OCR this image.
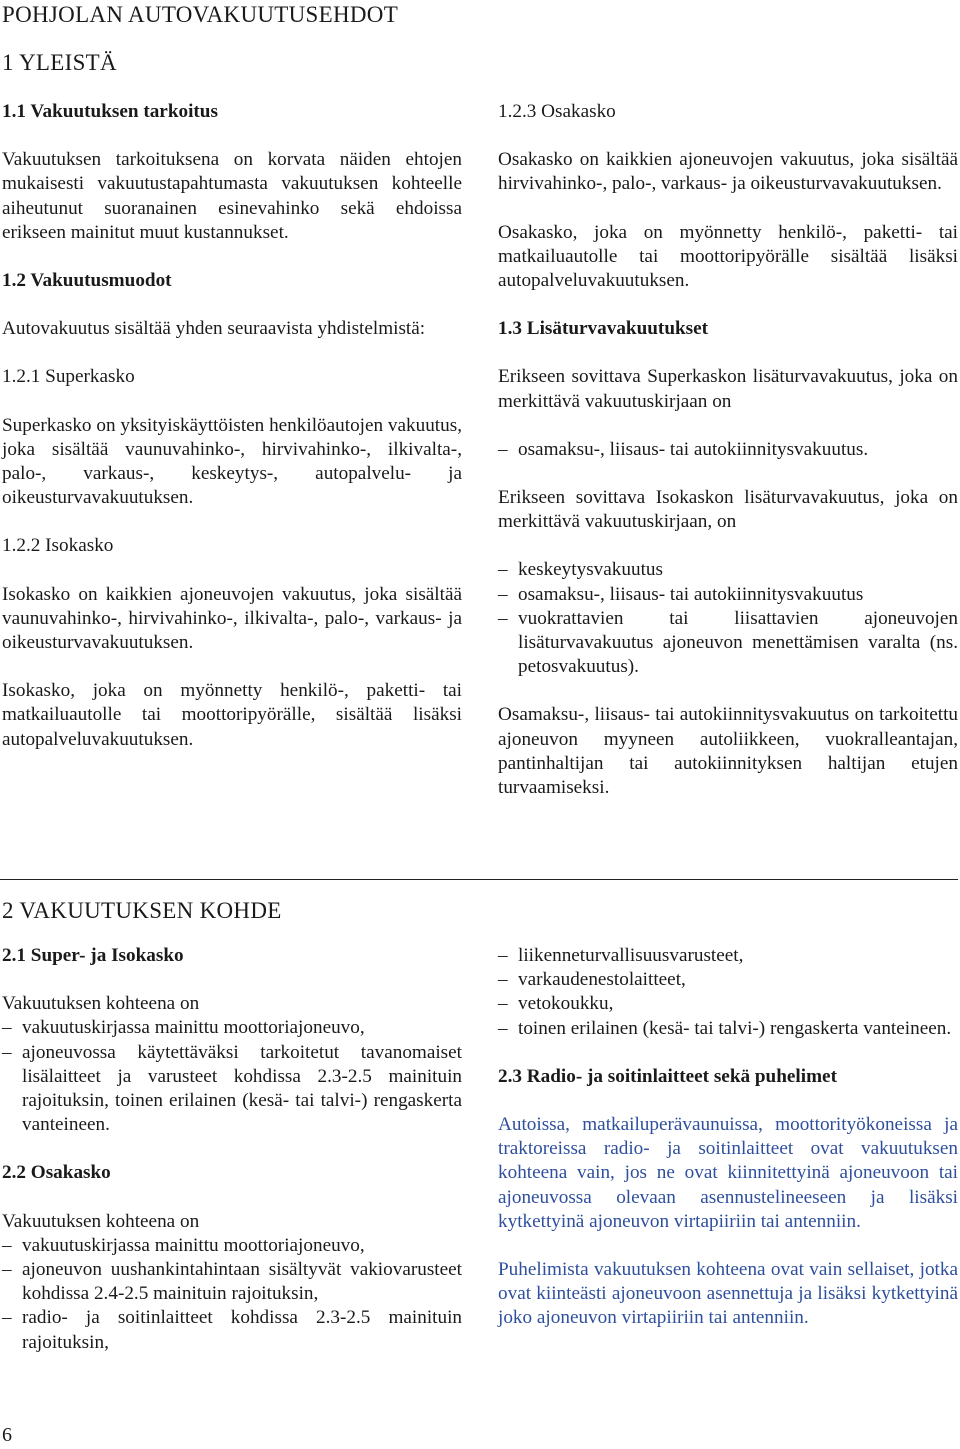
POHJOLAN AUTOVAKUUTUSEHDOT
1 YLEISTÄ
1.1 Vakuutuksen tarkoitus

Vakuutuksen tarkoituksena on korvata näiden ehtojen mukaisesti vakuutustapahtumasta vakuutuksen kohteelle aiheutunut suoranainen esinevahinko sekä ehdoissa erikseen mainitut muut kustannukset.

1.2 Vakuutusmuodot

Autovakuutus sisältää yhden seuraavista yhdistelmistä:

1.2.1 Superkasko

Superkasko on yksityiskäyttöisten henkilöautojen vakuutus, joka sisältää vaunuvahinko-, hirvivahinko-, ilkivalta-, palo-, varkaus-, keskeytys-, autopalvelu- ja oikeusturvavakuutuksen.

1.2.2 Isokasko

Isokasko on kaikkien ajoneuvojen vakuutus, joka sisältää vaunuvahinko-, hirvivahinko-, ilkivalta-, palo-, varkaus- ja oikeusturvavakuutuksen.

Isokasko, joka on myönnetty henkilö-, paketti- tai matkailuautolle tai moottoripyörälle, sisältää lisäksi autopalveluvakuutuksen.

1.2.3 Osakasko

Osakasko on kaikkien ajoneuvojen vakuutus, joka sisältää hirvivahinko-, palo-, varkaus- ja oikeusturvavakuutuksen.

Osakasko, joka on myönnetty henkilö-, paketti- tai matkailuautolle tai moottoripyörälle sisältää lisäksi autopalveluvakuutuksen.

1.3 Lisäturvavakuutukset

Erikseen sovittava Superkaskon lisäturvavakuutus, joka on merkittävä vakuutuskirjaan on

– osamaksu-, liisaus- tai autokiinnitysvakuutus.

Erikseen sovittava Isokaskon lisäturvavakuutus, joka on merkittävä vakuutuskirjaan, on

– keskeytysvakuutus
– osamaksu-, liisaus- tai autokiinnitysvakuutus
– vuokrattavien tai liisattavien ajoneuvojen lisäturvavakuutus ajoneuvon menettämisen varalta (ns. petosvakuutus).

Osamaksu-, liisaus- tai autokiinnitysvakuutus on tarkoitettu ajoneuvon myyneen autoliikkeen, vuokralleantajan, pantinhaltijan tai autokiinnityksen haltijan etujen turvaamiseksi.

2 VAKUUTUKSEN KOHDE
2.1 Super- ja Isokasko

Vakuutuksen kohteena on

– vakuutuskirjassa mainittu moottoriajoneuvo,
– ajoneuvossa käytettäväksi tarkoitetut tavanomaiset lisälaitteet ja varusteet kohdissa 2.3-2.5 mainituin rajoituksin, toinen erilainen (kesä- tai talvi-) rengaskerta vanteineen.
2.2 Osakasko

Vakuutuksen kohteena on

– vakuutuskirjassa mainittu moottoriajoneuvo,
– ajoneuvon uushankintahintaan sisältyvät vakiovarusteet kohdissa 2.4-2.5 mainituin rajoituksin,
– radio- ja soitinlaitteet kohdissa 2.3-2.5 mainituin rajoituksin,
– liikenneturvallisuusvarusteet,
– varkaudenestolaitteet,
– vetokoukku,
– toinen erilainen (kesä- tai talvi-) rengaskerta vanteineen.
2.3 Radio- ja soitinlaitteet sekä puhelimet

Autoissa, matkailuperävaunuissa, moottorityökoneissa ja traktoreissa radio- ja soitinlaitteet ovat vakuutuksen kohteena vain, jos ne ovat kiinnitettyinä ajoneuvoon tai ajoneuvossa olevaan asennustelineeseen ja lisäksi kytkettyinä ajoneuvon virtapiiriin tai antenniin.

Puhelimista vakuutuksen kohteena ovat vain sellaiset, jotka ovat kiinteästi ajoneuvoon asennettuja ja lisäksi kytkettyinä joko ajoneuvon virtapiiriin tai antenniin.

6
